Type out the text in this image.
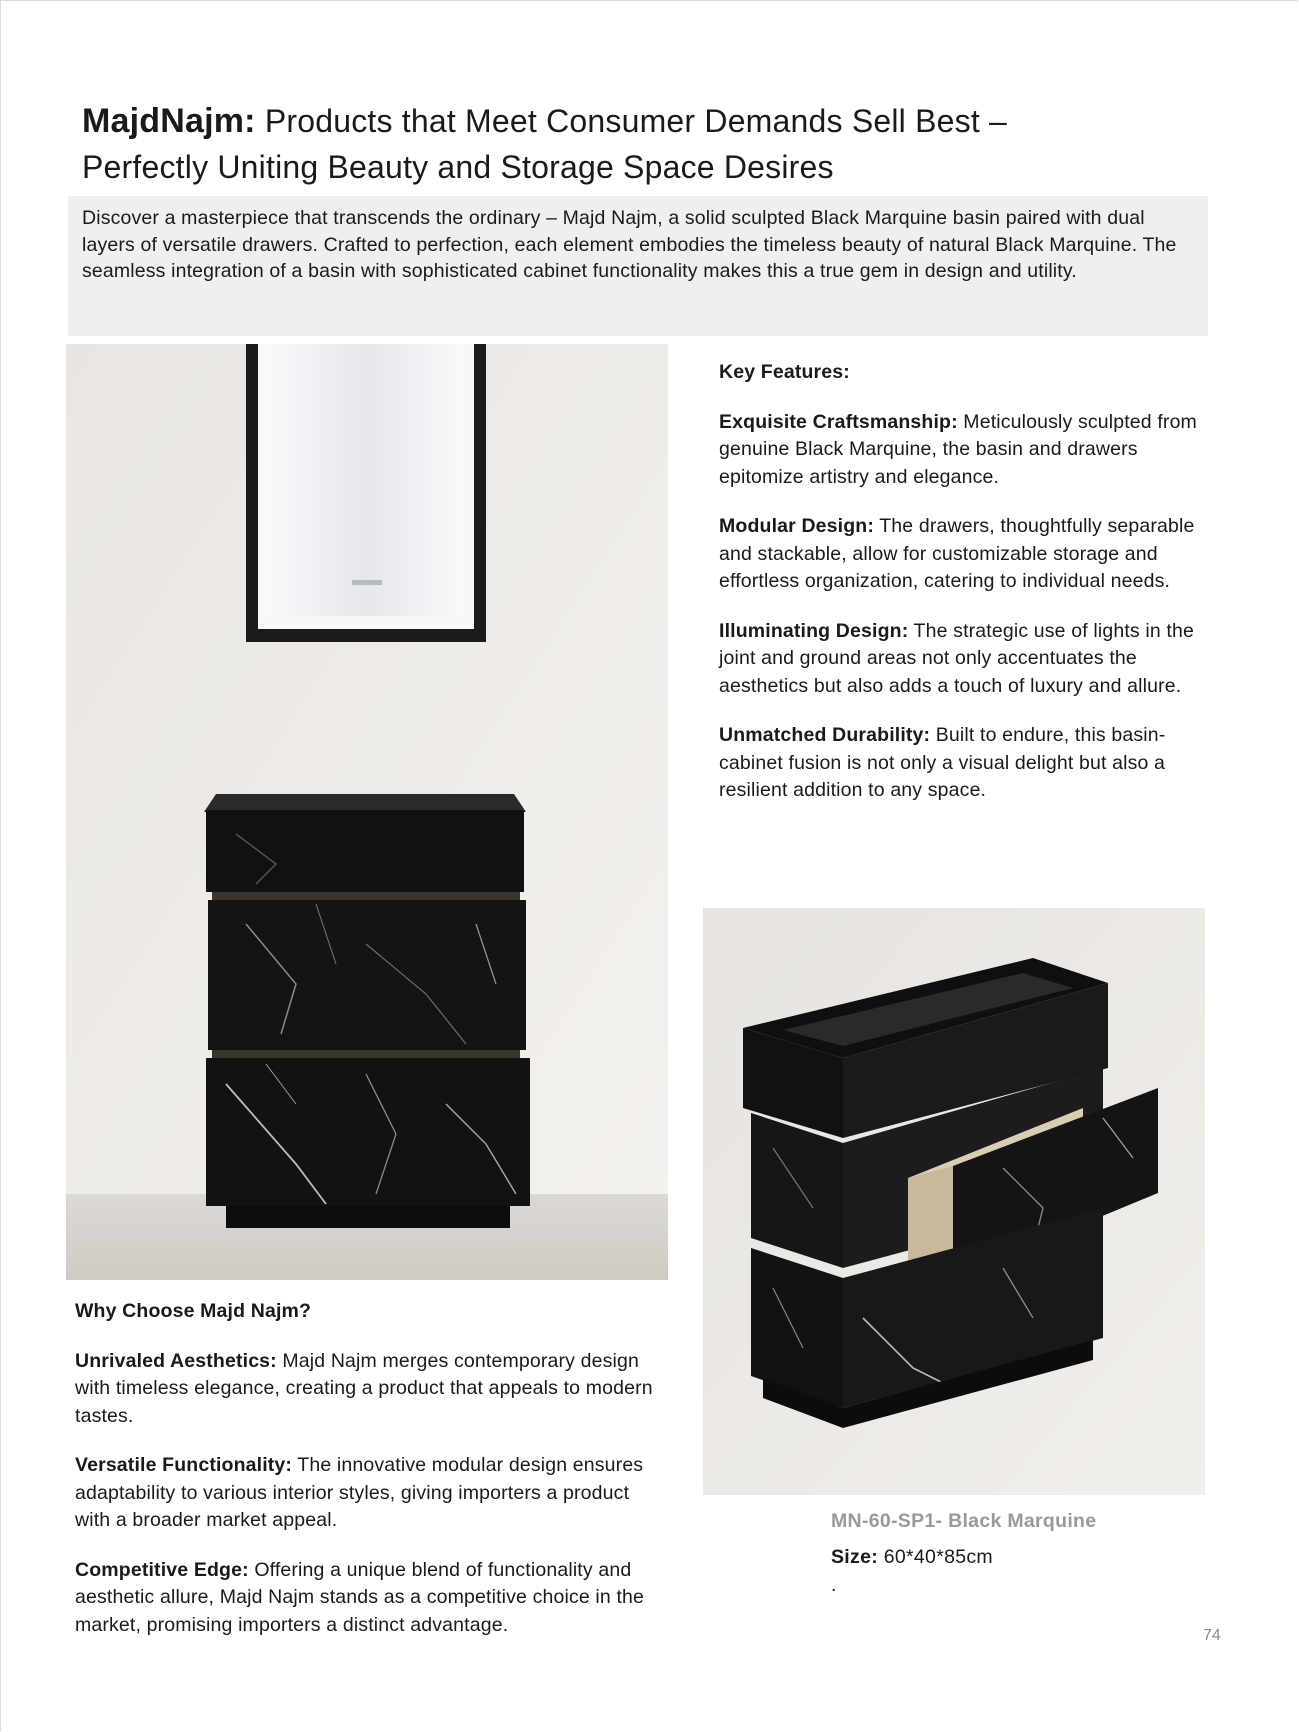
MajdNajm: Products that Meet Consumer Demands Sell Best –
Perfectly Uniting Beauty and Storage Space Desires
Discover a masterpiece that transcends the ordinary – Majd Najm, a solid sculpted Black Marquine basin paired with dual layers of versatile drawers. Crafted to perfection, each element embodies the timeless beauty of natural Black Marquine. The seamless integration of a basin with sophisticated cabinet functionality makes this a true gem in design and utility.

Key Features:

Exquisite Craftsmanship: Meticulously sculpted from genuine Black Marquine, the basin and drawers epitomize artistry and elegance.

Modular Design: The drawers, thoughtfully separable and stackable, allow for customizable storage and effortless organization, catering to individual needs.

Illuminating Design: The strategic use of lights in the joint and ground areas not only accentuates the aesthetics but also adds a touch of luxury and allure.

Unmatched Durability: Built to endure, this basin-cabinet fusion is not only a visual delight but also a resilient addition to any space.

Why Choose Majd Najm?

Unrivaled Aesthetics: Majd Najm merges contemporary design with timeless elegance, creating a product that appeals to modern tastes.

Versatile Functionality: The innovative modular design ensures adaptability to various interior styles, giving importers a product with a broader market appeal.

Competitive Edge: Offering a unique blend of functionality and aesthetic allure, Majd Najm stands as a competitive choice in the market, promising importers a distinct advantage.

MN-60-SP1- Black Marquine
Size: 60*40*85cm
.
74
